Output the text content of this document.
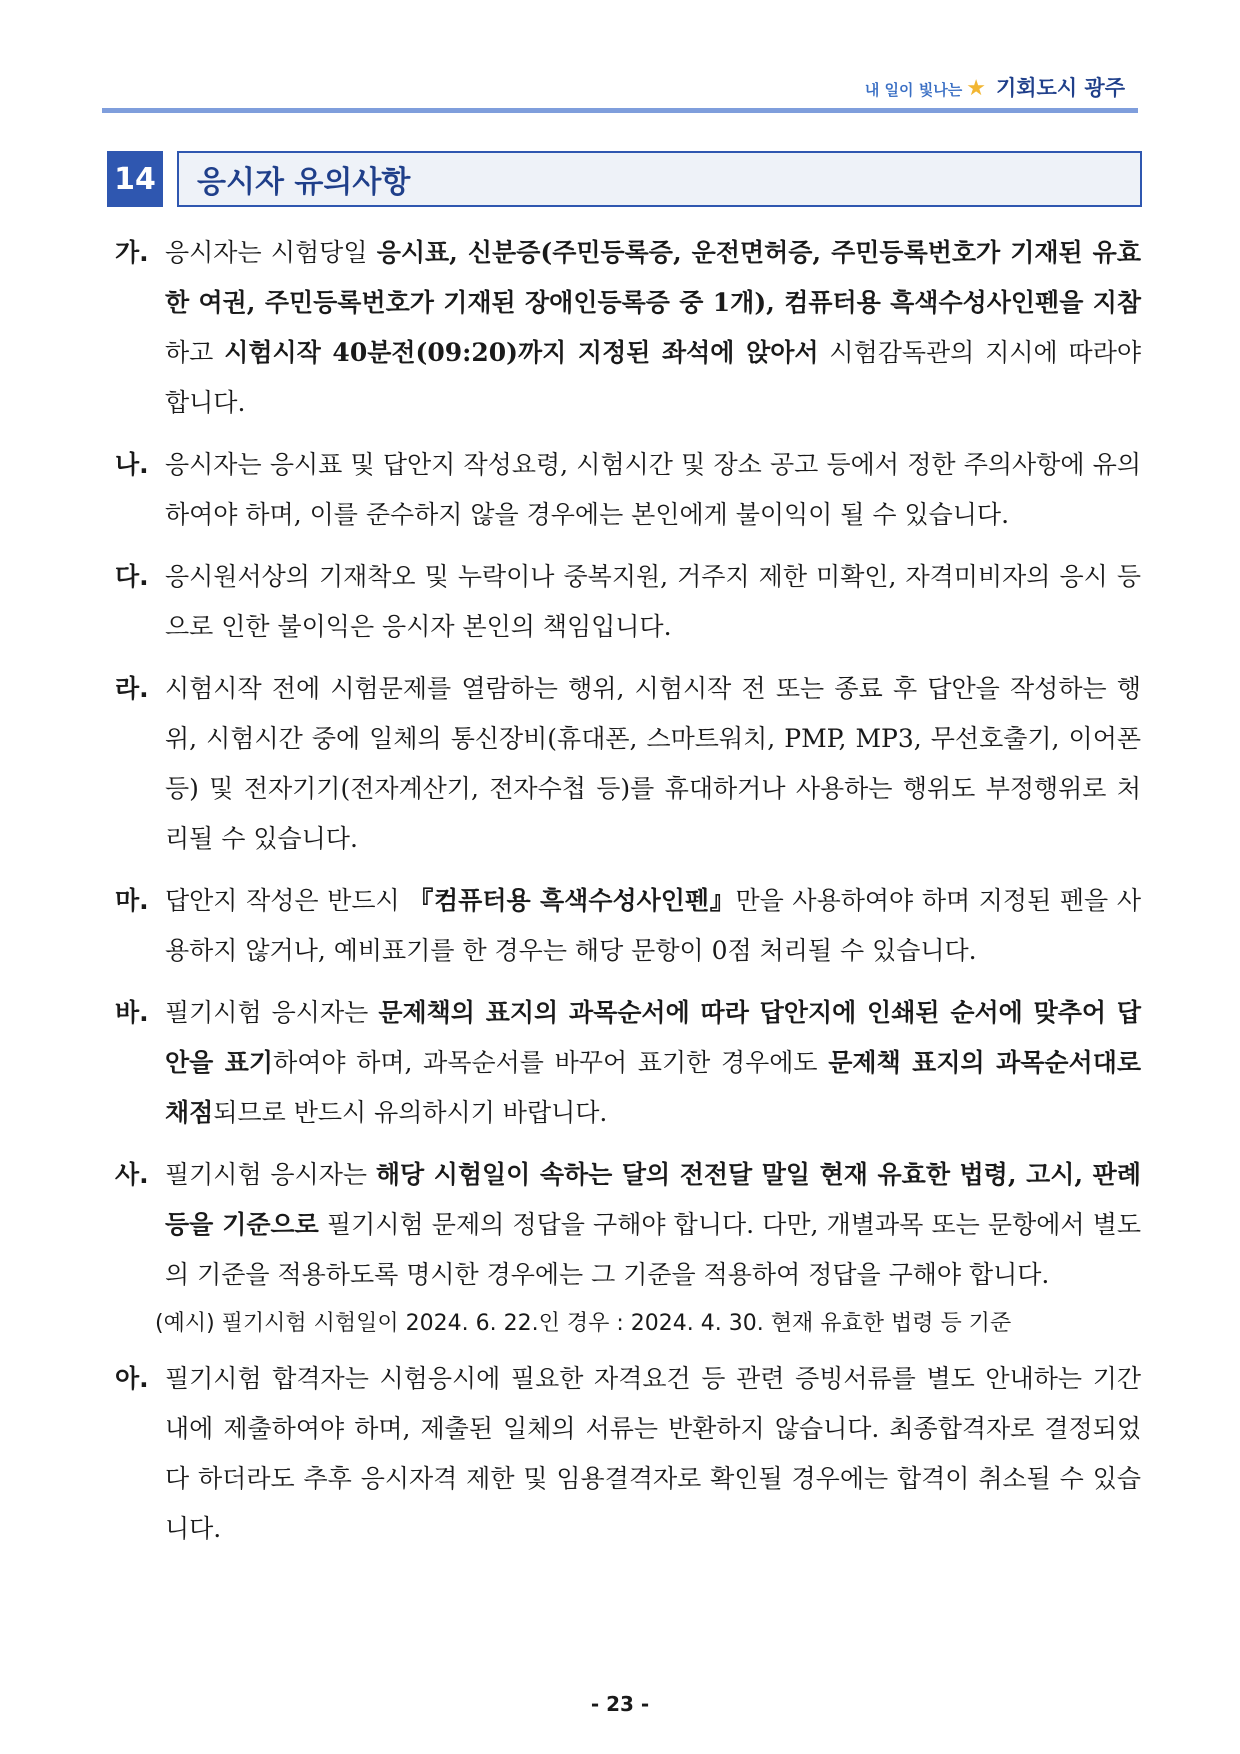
내 일이 빛나는 ★ 기회도시 광주
14 응시자 유의사항
가. 응시자는 시험당일 응시표, 신분증(주민등록증, 운전면허증, 주민등록번호가 기재된 유효한 여권, 주민등록번호가 기재된 장애인등록증 중 1개), 컴퓨터용 흑색수성사인펜을 지참하고 시험시작 40분전(09:20)까지 지정된 좌석에 앉아서 시험감독관의 지시에 따라야 합니다.
나. 응시자는 응시표 및 답안지 작성요령, 시험시간 및 장소 공고 등에서 정한 주의사항에 유의하여야 하며, 이를 준수하지 않을 경우에는 본인에게 불이익이 될 수 있습니다.
다. 응시원서상의 기재착오 및 누락이나 중복지원, 거주지 제한 미확인, 자격미비자의 응시 등으로 인한 불이익은 응시자 본인의 책임입니다.
라. 시험시작 전에 시험문제를 열람하는 행위, 시험시작 전 또는 종료 후 답안을 작성하는 행위, 시험시간 중에 일체의 통신장비(휴대폰, 스마트워치, PMP, MP3, 무선호출기, 이어폰 등) 및 전자기기(전자계산기, 전자수첩 등)를 휴대하거나 사용하는 행위도 부정행위로 처리될 수 있습니다.
마. 답안지 작성은 반드시 『컴퓨터용 흑색수성사인펜』만을 사용하여야 하며 지정된 펜을 사용하지 않거나, 예비표기를 한 경우는 해당 문항이 0점 처리될 수 있습니다.
바. 필기시험 응시자는 문제책의 표지의 과목순서에 따라 답안지에 인쇄된 순서에 맞추어 답안을 표기하여야 하며, 과목순서를 바꾸어 표기한 경우에도 문제책 표지의 과목순서대로 채점되므로 반드시 유의하시기 바랍니다.
사. 필기시험 응시자는 해당 시험일이 속하는 달의 전전달 말일 현재 유효한 법령, 고시, 판례 등을 기준으로 필기시험 문제의 정답을 구해야 합니다. 다만, 개별과목 또는 문항에서 별도의 기준을 적용하도록 명시한 경우에는 그 기준을 적용하여 정답을 구해야 합니다.
(예시) 필기시험 시험일이 2024. 6. 22.인 경우 : 2024. 4. 30. 현재 유효한 법령 등 기준
아. 필기시험 합격자는 시험응시에 필요한 자격요건 등 관련 증빙서류를 별도 안내하는 기간 내에 제출하여야 하며, 제출된 일체의 서류는 반환하지 않습니다. 최종합격자로 결정되었다 하더라도 추후 응시자격 제한 및 임용결격자로 확인될 경우에는 합격이 취소될 수 있습니다.
- 23 -
